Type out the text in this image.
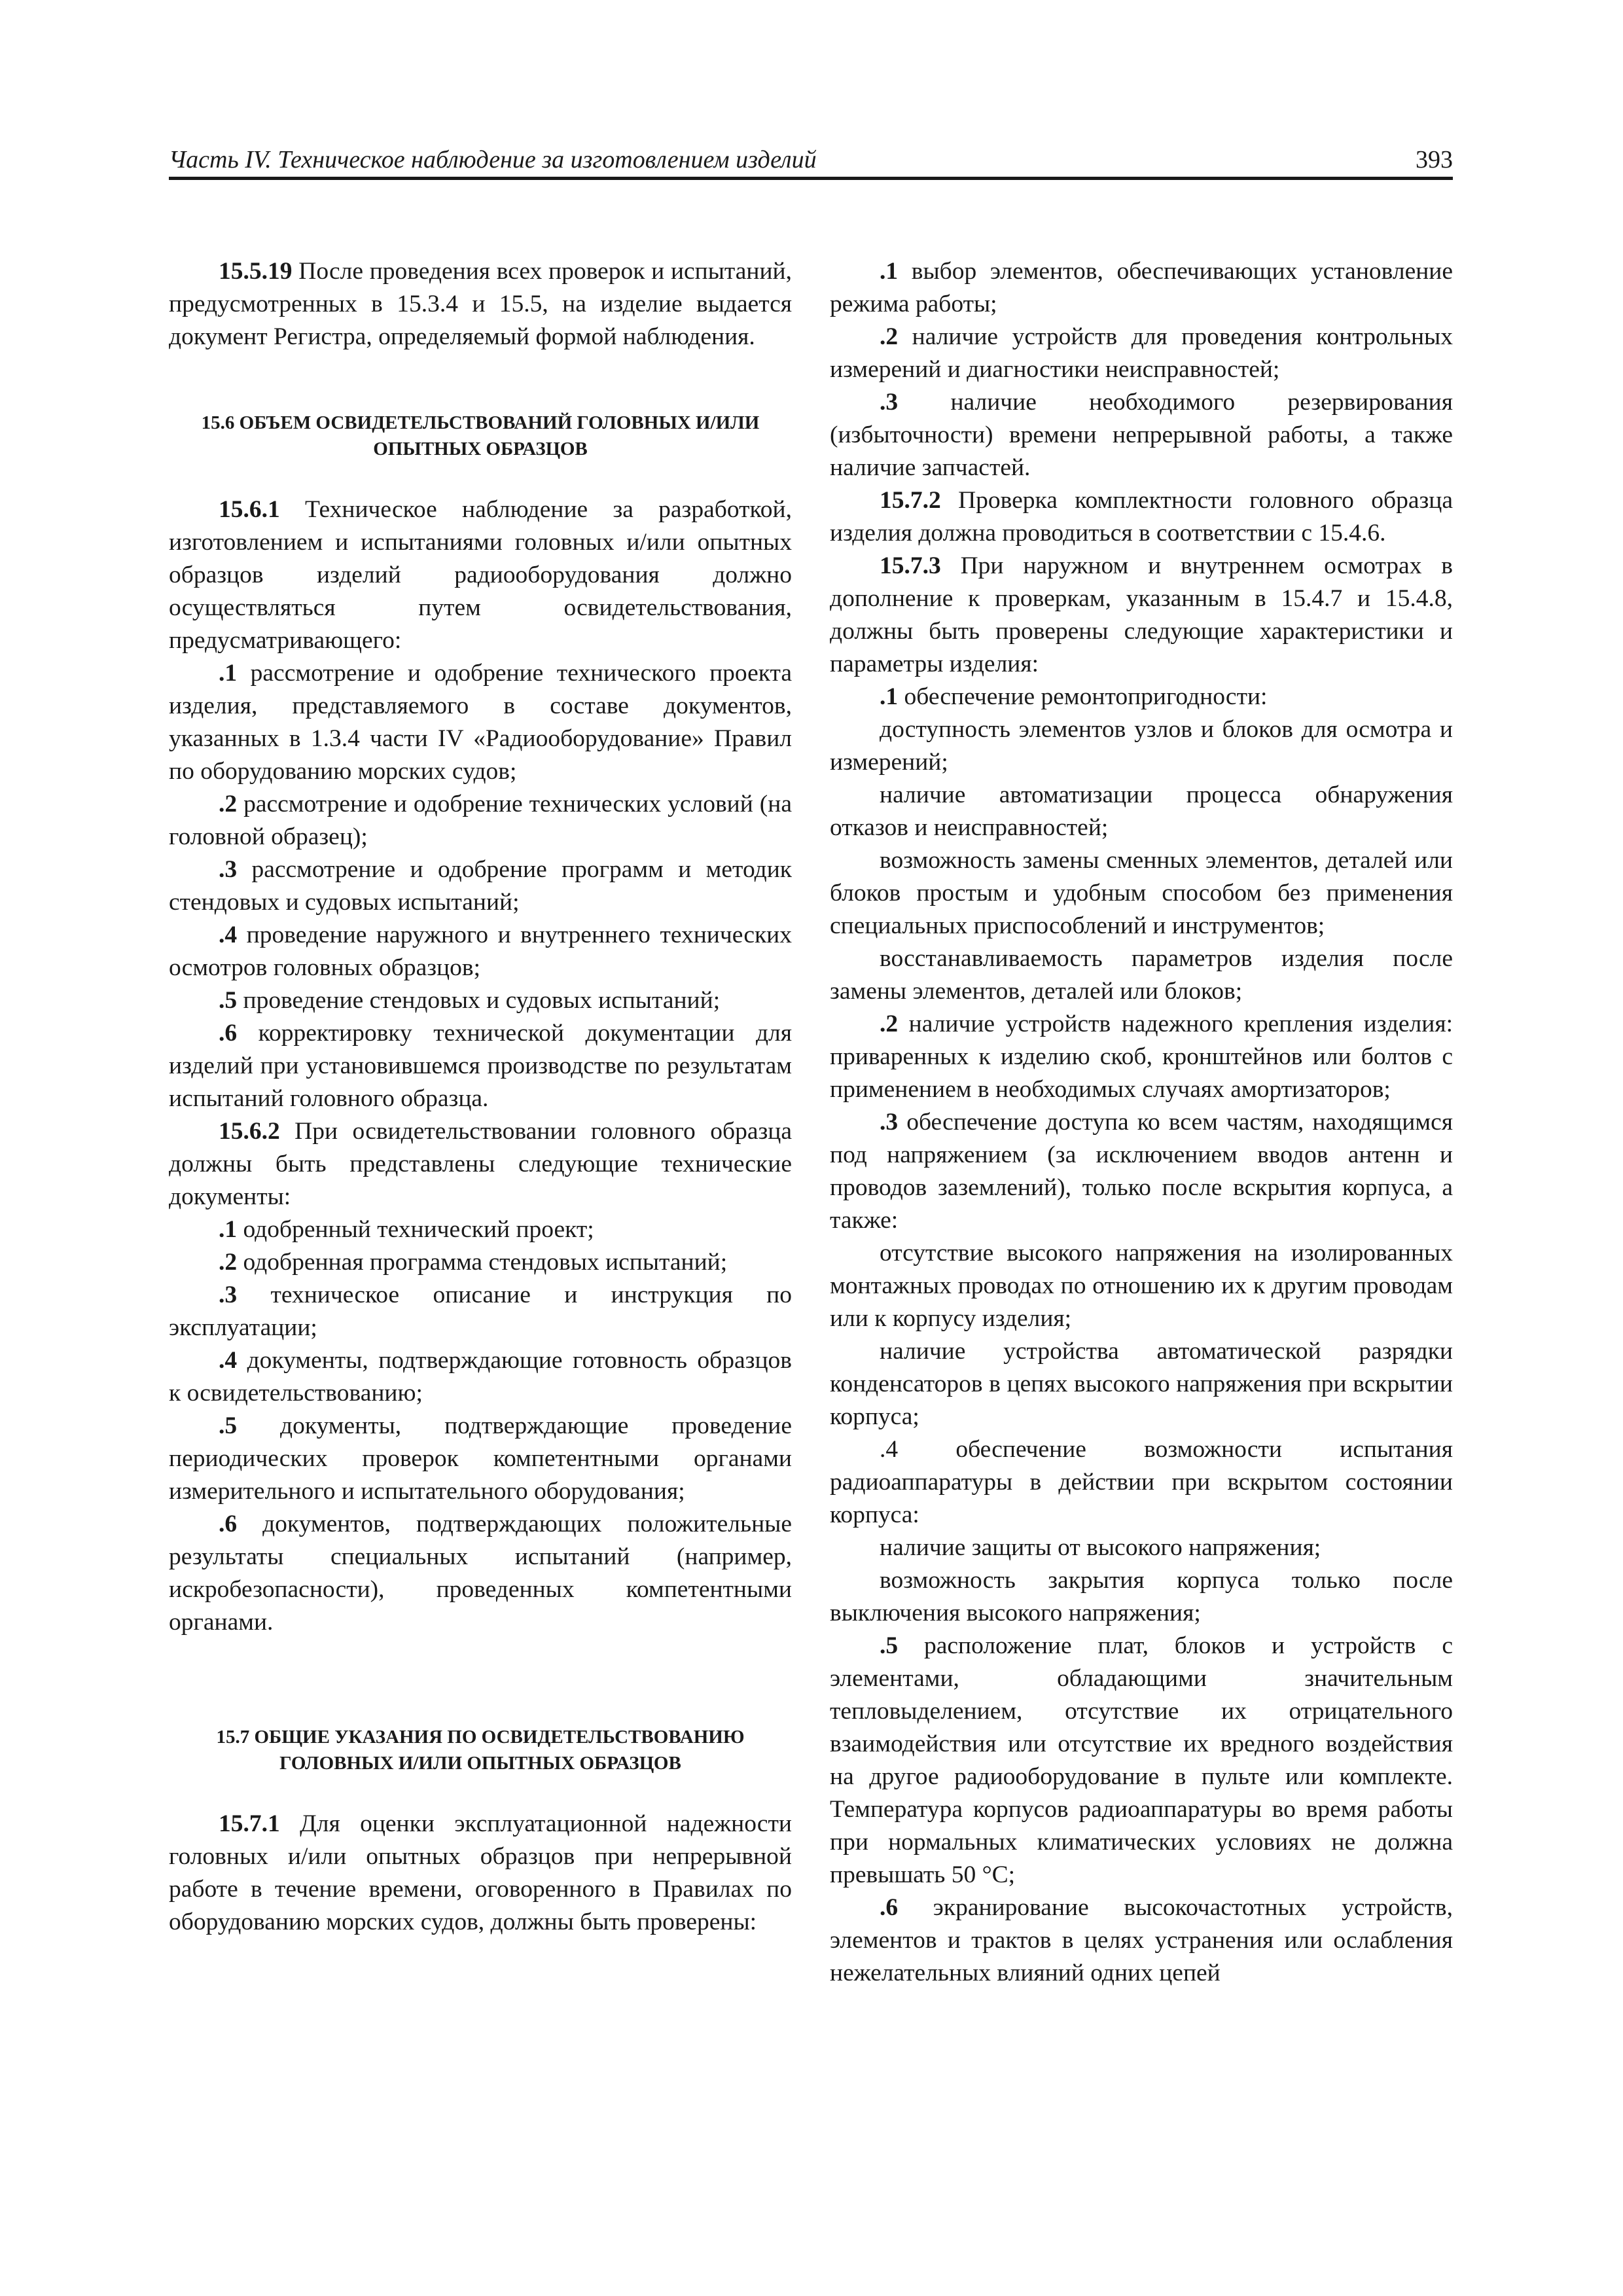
Часть IV. Техническое наблюдение за изготовлением изделий	393

15.5.19 После проведения всех проверок и испытаний, предусмотренных в 15.3.4 и 15.5, на изделие выдается документ Регистра, определяемый формой наблюдения.

15.6 ОБЪЕМ ОСВИДЕТЕЛЬСТВОВАНИЙ ГОЛОВНЫХ И/ИЛИ ОПЫТНЫХ ОБРАЗЦОВ

15.6.1 Техническое наблюдение за разработкой, изготовлением и испытаниями головных и/или опытных образцов изделий радиооборудования должно осуществляться путем освидетельствования, предусматривающего:

.1 рассмотрение и одобрение технического проекта изделия, представляемого в составе документов, указанных в 1.3.4 части IV «Радиооборудование» Правил по оборудованию морских судов;

.2 рассмотрение и одобрение технических условий (на головной образец);

.3 рассмотрение и одобрение программ и методик стендовых и судовых испытаний;

.4 проведение наружного и внутреннего технических осмотров головных образцов;

.5 проведение стендовых и судовых испытаний;

.6 корректировку технической документации для изделий при установившемся производстве по результатам испытаний головного образца.

15.6.2 При освидетельствовании головного образца должны быть представлены следующие технические документы:

.1 одобренный технический проект;

.2 одобренная программа стендовых испытаний;

.3 техническое описание и инструкция по эксплуатации;

.4 документы, подтверждающие готовность образцов к освидетельствованию;

.5 документы, подтверждающие проведение периодических проверок компетентными органами измерительного и испытательного оборудования;

.6 документов, подтверждающих положительные результаты специальных испытаний (например, искробезопасности), проведенных компетентными органами.

15.7 ОБЩИЕ УКАЗАНИЯ ПО ОСВИДЕТЕЛЬСТВОВАНИЮ ГОЛОВНЫХ И/ИЛИ ОПЫТНЫХ ОБРАЗЦОВ

15.7.1 Для оценки эксплуатационной надежности головных и/или опытных образцов при непрерывной работе в течение времени, оговоренного в Правилах по оборудованию морских судов, должны быть проверены:

.1 выбор элементов, обеспечивающих установление режима работы;

.2 наличие устройств для проведения контрольных измерений и диагностики неисправностей;

.3 наличие необходимого резервирования (избыточности) времени непрерывной работы, а также наличие запчастей.

15.7.2 Проверка комплектности головного образца изделия должна проводиться в соответствии с 15.4.6.

15.7.3 При наружном и внутреннем осмотрах в дополнение к проверкам, указанным в 15.4.7 и 15.4.8, должны быть проверены следующие характеристики и параметры изделия:

.1 обеспечение ремонтопригодности:

доступность элементов узлов и блоков для осмотра и измерений;

наличие автоматизации процесса обнаружения отказов и неисправностей;

возможность замены сменных элементов, деталей или блоков простым и удобным способом без применения специальных приспособлений и инструментов;

восстанавливаемость параметров изделия после замены элементов, деталей или блоков;

.2 наличие устройств надежного крепления изделия: приваренных к изделию скоб, кронштейнов или болтов с применением в необходимых случаях амортизаторов;

.3 обеспечение доступа ко всем частям, находящимся под напряжением (за исключением вводов антенн и проводов заземлений), только после вскрытия корпуса, а также:

отсутствие высокого напряжения на изолированных монтажных проводах по отношению их к другим проводам или к корпусу изделия;

наличие устройства автоматической разрядки конденсаторов в цепях высокого напряжения при вскрытии корпуса;

.4 обеспечение возможности испытания радиоаппаратуры в действии при вскрытом состоянии корпуса:

наличие защиты от высокого напряжения;

возможность закрытия корпуса только после выключения высокого напряжения;

.5 расположение плат, блоков и устройств с элементами, обладающими значительным тепловыделением, отсутствие их отрицательного взаимодействия или отсутствие их вредного воздействия на другое радиооборудование в пульте или комплекте. Температура корпусов радиоаппаратуры во время работы при нормальных климатических условиях не должна превышать 50 °С;

.6 экранирование высокочастотных устройств, элементов и трактов в целях устранения или ослабления нежелательных влияний одних цепей
